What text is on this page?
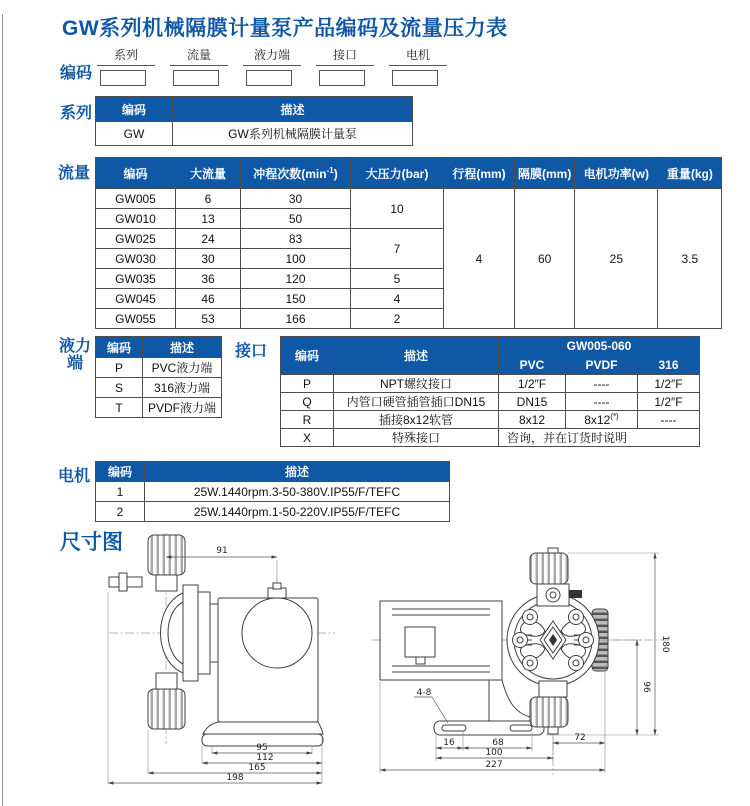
GW系列机械隔膜计量泵产品编码及流量压力表
编码
系列	流量	液力端	接口	电机
系列 编码	描述
GW	GW系列机械隔膜计量泵
流量	编码	大流量	冲程次数$(\min^{-1})$	大压力(bar)	行程(mm)	隔膜(mm)	电机功率(w)	重量(kg)
GW005	6	30	10	4	60	25	3.5
GW010	13	50					
GW025	24	83	7				
GW030	30	100					
GW035	36	120	5				
GW045	46	150	4				
GW055	53	166	2				
液力
端
编码	描述
P	PVC液力端
S	316液力端
T	PVDF液力端
接口 编码	描述	GW005-060		
		PVC	PVDF	316
P	NPT螺纹接口	1/2″F	----	1/2″F
Q	内管口硬管插管插口DN15	DN15	----	1/2″F
R	插接8x12软管	8x12	8x12(*)	----
X	特殊接口	咨询，并在订货时说明		
电机 编码	描述
1	25W.1440rpm.3-50-380V.IP55/F/TEFC
2	25W.1440rpm.1-50-220V.IP55/F/TEFC
尺寸图	91
95
112
165
198
4-8
72
16	68
100
227
96
180
